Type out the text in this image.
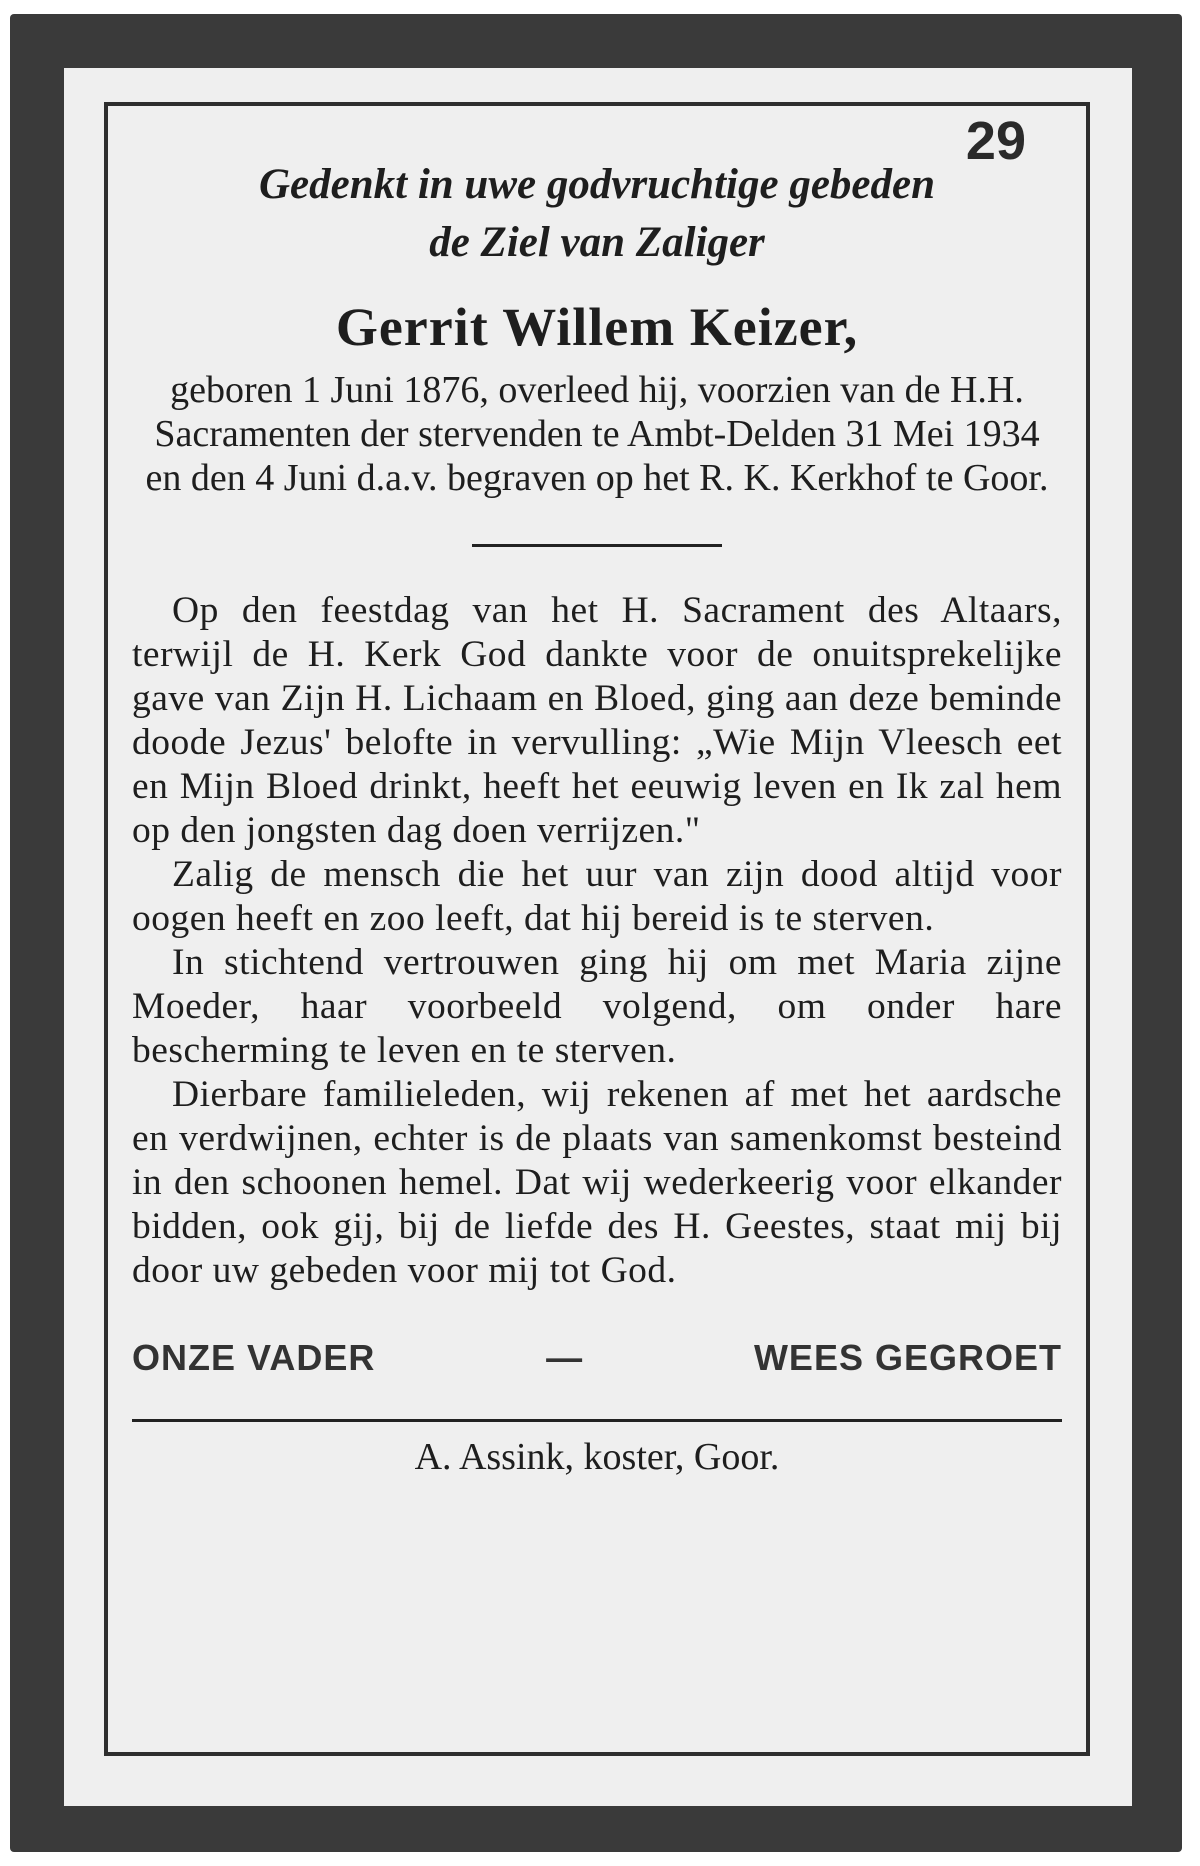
29

Gedenkt in uwe godvruchtige gebeden
de Ziel van Zaliger

Gerrit Willem Keizer,

geboren 1 Juni 1876, overleed hij, voorzien van de H.H. Sacramenten der stervenden te Ambt-Delden 31 Mei 1934 en den 4 Juni d.a.v. begraven op het R. K. Kerkhof te Goor.

Op den feestdag van het H. Sacrament des Altaars, terwijl de H. Kerk God dankte voor de onuitsprekelijke gave van Zijn H. Lichaam en Bloed, ging aan deze beminde doode Jezus' belofte in vervulling: „Wie Mijn Vleesch eet en Mijn Bloed drinkt, heeft het eeuwig leven en Ik zal hem op den jongsten dag doen verrijzen."

Zalig de mensch die het uur van zijn dood altijd voor oogen heeft en zoo leeft, dat hij bereid is te sterven.

In stichtend vertrouwen ging hij om met Maria zijne Moeder, haar voorbeeld volgend, om onder hare bescherming te leven en te sterven.

Dierbare familieleden, wij rekenen af met het aardsche en verdwijnen, echter is de plaats van samenkomst besteind in den schoonen hemel. Dat wij wederkeerig voor elkander bidden, ook gij, bij de liefde des H. Geestes, staat mij bij door uw gebeden voor mij tot God.

ONZE VADER	—	WEES GEGROET

A. Assink, koster, Goor.
